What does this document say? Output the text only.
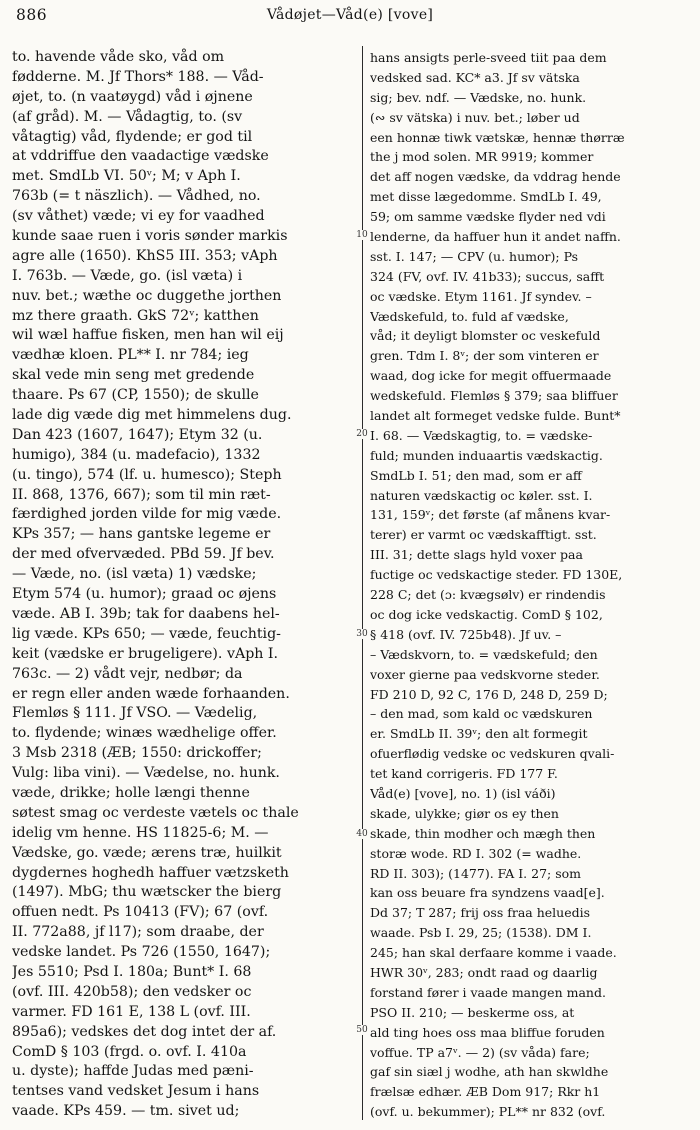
886	Vådøjet—Våd(e) [vove]
10
20
30
40
50
to. havende våde sko, våd om
fødderne. M. Jf Thors* 188. — Våd-
øjet, to. (n vaatøygd) våd i øjnene
(af gråd). M. — Vådagtig, to. (sv
våtagtig) våd, flydende; er god til
at vddriffue den vaadactige vædske
met. SmdLb VI. 50ᵛ; M; v Aph I.
763b (= t näszlich). — Vådhed, no.
(sv våthet) væde; vi ey for vaadhed
kunde saae ruen i voris sønder markis
agre alle (1650). KhS5 III. 353; vAph
I. 763b. — Væde, go. (isl væta) i
nuv. bet.; wæthe oc duggethe jorthen
mz there graath. GkS 72ᵛ; katthen
wil wæl haffue fisken, men han wil eij
vædhæ kloen. PL** I. nr 784; ieg
skal vede min seng met gredende
thaare. Ps 67 (CP, 1550); de skulle
lade dig væde dig met himmelens dug.
Dan 423 (1607, 1647); Etym 32 (u.
humigo), 384 (u. madefacio), 1332
(u. tingo), 574 (lf. u. humesco); Steph
II. 868, 1376, 667); som til min ræt-
færdighed jorden vilde for mig væde.
KPs 357; — hans gantske legeme er
der med ofvervæded. PBd 59. Jf bev.
— Væde, no. (isl væta) 1) vædske;
Etym 574 (u. humor); graad oc øjens
væde. AB I. 39b; tak for daabens hel-
lig væde. KPs 650; — væde, feuchtig-
keit (vædske er brugeligere). vAph I.
763c. — 2) vådt vejr, nedbør; da
er regn eller anden wæde forhaanden.
Flemløs § 111. Jf VSO. — Vædelig,
to. flydende; winæs wædhelige offer.
3 Msb 2318 (ÆB; 1550: drickoffer;
Vulg: liba vini). — Vædelse, no. hunk.
væde, drikke; holle længi thenne
søtest smag oc verdeste vætels oc thale
idelig vm henne. HS 11825-6; M. —
Vædske, go. væde; ærens træ, huilkit
dygdernes hoghedh haffuer vætzsketh
(1497). MbG; thu wætscker the bierg
offuen nedt. Ps 10413 (FV); 67 (ovf.
II. 772a88, jf l17); som draabe, der
vedske landet. Ps 726 (1550, 1647);
Jes 5510; Psd I. 180a; Bunt* I. 68
(ovf. III. 420b58); den vedsker oc
varmer. FD 161 E, 138 L (ovf. III.
895a6); vedskes det dog intet der af.
ComD § 103 (frgd. o. ovf. I. 410a
u. dyste); haffde Judas med pæni-
tentses vand vedsket Jesum i hans
vaade. KPs 459. — tm. sivet ud;
hans ansigts perle-sveed tiit paa dem
vedsked sad. KC* a3. Jf sv vätska
sig; bev. ndf. — Vædske, no. hunk.
(∾ sv vätska) i nuv. bet.; løber ud
een honnæ tiwk vætskæ, hennæ thørræ
the j mod solen. MR 9919; kommer
det aff nogen vædske, da vddrag hende
met disse lægedomme. SmdLb I. 49,
59; om samme vædske flyder ned vdi
lenderne, da haffuer hun it andet naffn.
sst. I. 147; — CPV (u. humor); Ps
324 (FV, ovf. IV. 41b33); succus, safft
oc vædske. Etym 1161. Jf syndev. –
Vædskefuld, to. fuld af vædske,
våd; it deyligt blomster oc veskefuld
gren. Tdm I. 8ᵛ; der som vinteren er
waad, dog icke for megit offuermaade
wedskefuld. Flemløs § 379; saa bliffuer
landet alt formeget vedske fulde. Bunt*
I. 68. — Vædskagtig, to. = vædske-
fuld; munden induaartis vædskactig.
SmdLb I. 51; den mad, som er aff
naturen vædskactig oc køler. sst. I.
131, 159ᵛ; det første (af månens kvar-
terer) er varmt oc vædskafftigt. sst.
III. 31; dette slags hyld voxer paa
fuctige oc vedskactige steder. FD 130E,
228 C; det (ɔ: kvægsølv) er rindendis
oc dog icke vedskactig. ComD § 102,
§ 418 (ovf. IV. 725b48). Jf uv. –
– Vædskvorn, to. = vædskefuld; den
voxer gierne paa vedskvorne steder.
FD 210 D, 92 C, 176 D, 248 D, 259 D;
– den mad, som kald oc vædskuren
er. SmdLb II. 39ᵛ; den alt formegit
ofuerflødig vedske oc vedskuren qvali-
tet kand corrigeris. FD 177 F.
Våd(e) [vove], no. 1) (isl váði)
skade, ulykke; giør os ey then
skade, thin modher och mægh then
storæ wode. RD I. 302 (= wadhe.
RD II. 303); (1477). FA I. 27; som
kan oss beuare fra syndzens vaad[e].
Dd 37; T 287; frij oss fraa heluedis
waade. Psb I. 29, 25; (1538). DM I.
245; han skal derfaare komme i vaade.
HWR 30ᵛ, 283; ondt raad og daarlig
forstand fører i vaade mangen mand.
PSO II. 210; — beskerme oss, at
ald ting hoes oss maa bliffue foruden
voffue. TP a7ᵛ. — 2) (sv våda) fare;
gaf sin siæl j wodhe, ath han skwldhe
frælsæ edhær. ÆB Dom 917; Rkr h1
(ovf. u. bekummer); PL** nr 832 (ovf.
